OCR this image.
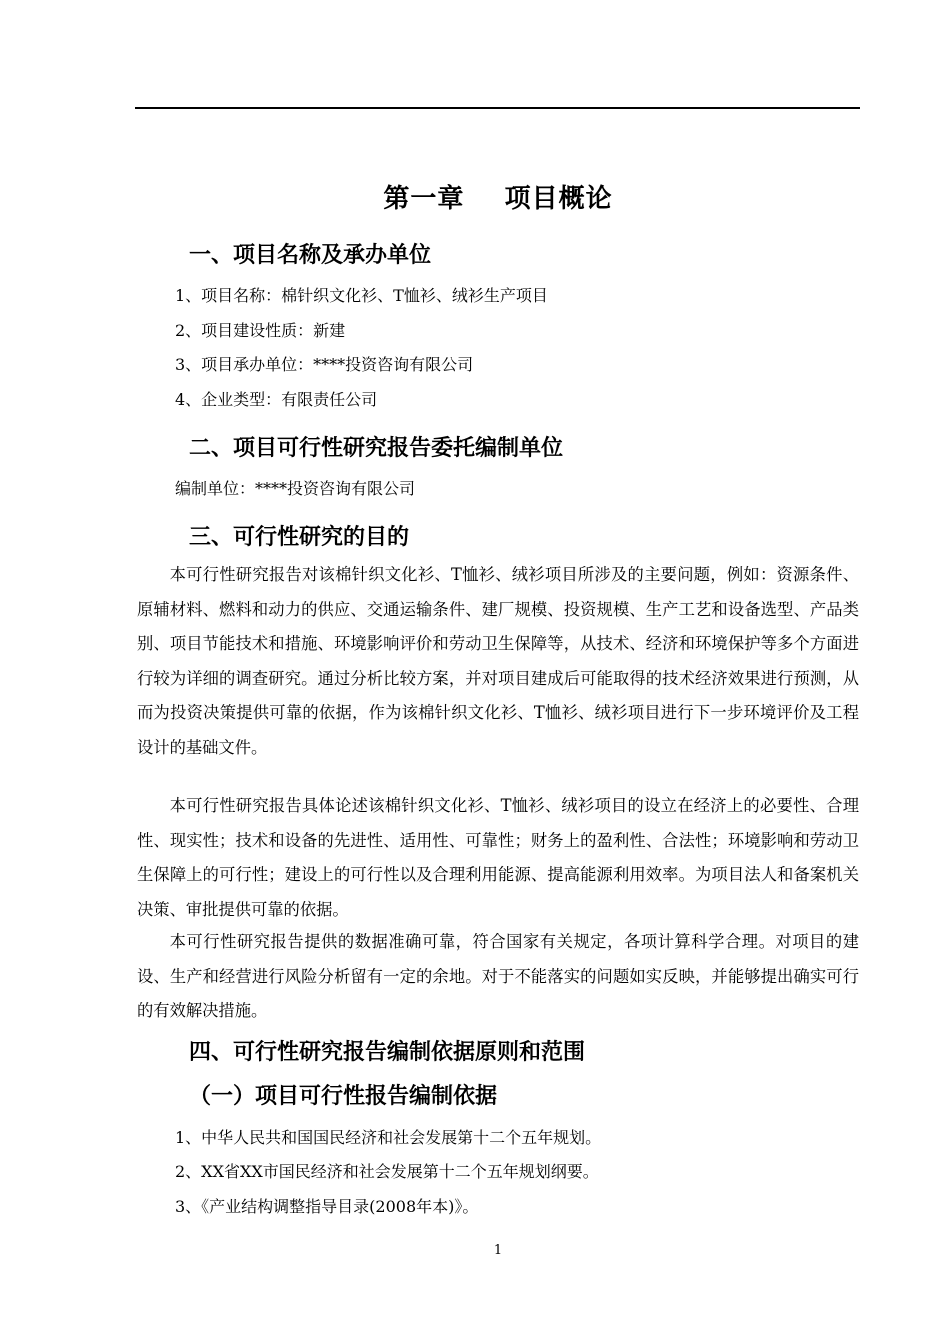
第一章    项目概论
一、项目名称及承办单位
1、项目名称：棉针织文化衫、T恤衫、绒衫生产项目
2、项目建设性质：新建
3、项目承办单位：****投资咨询有限公司
4、企业类型：有限责任公司
二、项目可行性研究报告委托编制单位
编制单位：****投资咨询有限公司
三、可行性研究的目的
本可行性研究报告对该棉针织文化衫、T恤衫、绒衫项目所涉及的主要问题，例如：资源条件、原辅材料、燃料和动力的供应、交通运输条件、建厂规模、投资规模、生产工艺和设备选型、产品类别、项目节能技术和措施、环境影响评价和劳动卫生保障等，从技术、经济和环境保护等多个方面进行较为详细的调查研究。通过分析比较方案，并对项目建成后可能取得的技术经济效果进行预测，从而为投资决策提供可靠的依据，作为该棉针织文化衫、T恤衫、绒衫项目进行下一步环境评价及工程设计的基础文件。
本可行性研究报告具体论述该棉针织文化衫、T恤衫、绒衫项目的设立在经济上的必要性、合理性、现实性；技术和设备的先进性、适用性、可靠性；财务上的盈利性、合法性；环境影响和劳动卫生保障上的可行性；建设上的可行性以及合理利用能源、提高能源利用效率。为项目法人和备案机关决策、审批提供可靠的依据。
本可行性研究报告提供的数据准确可靠，符合国家有关规定，各项计算科学合理。对项目的建设、生产和经营进行风险分析留有一定的余地。对于不能落实的问题如实反映，并能够提出确实可行的有效解决措施。
四、可行性研究报告编制依据原则和范围
（一）项目可行性报告编制依据
1、中华人民共和国国民经济和社会发展第十二个五年规划。
2、XX省XX市国民经济和社会发展第十二个五年规划纲要。
3、《产业结构调整指导目录(2008年本)》。
1
